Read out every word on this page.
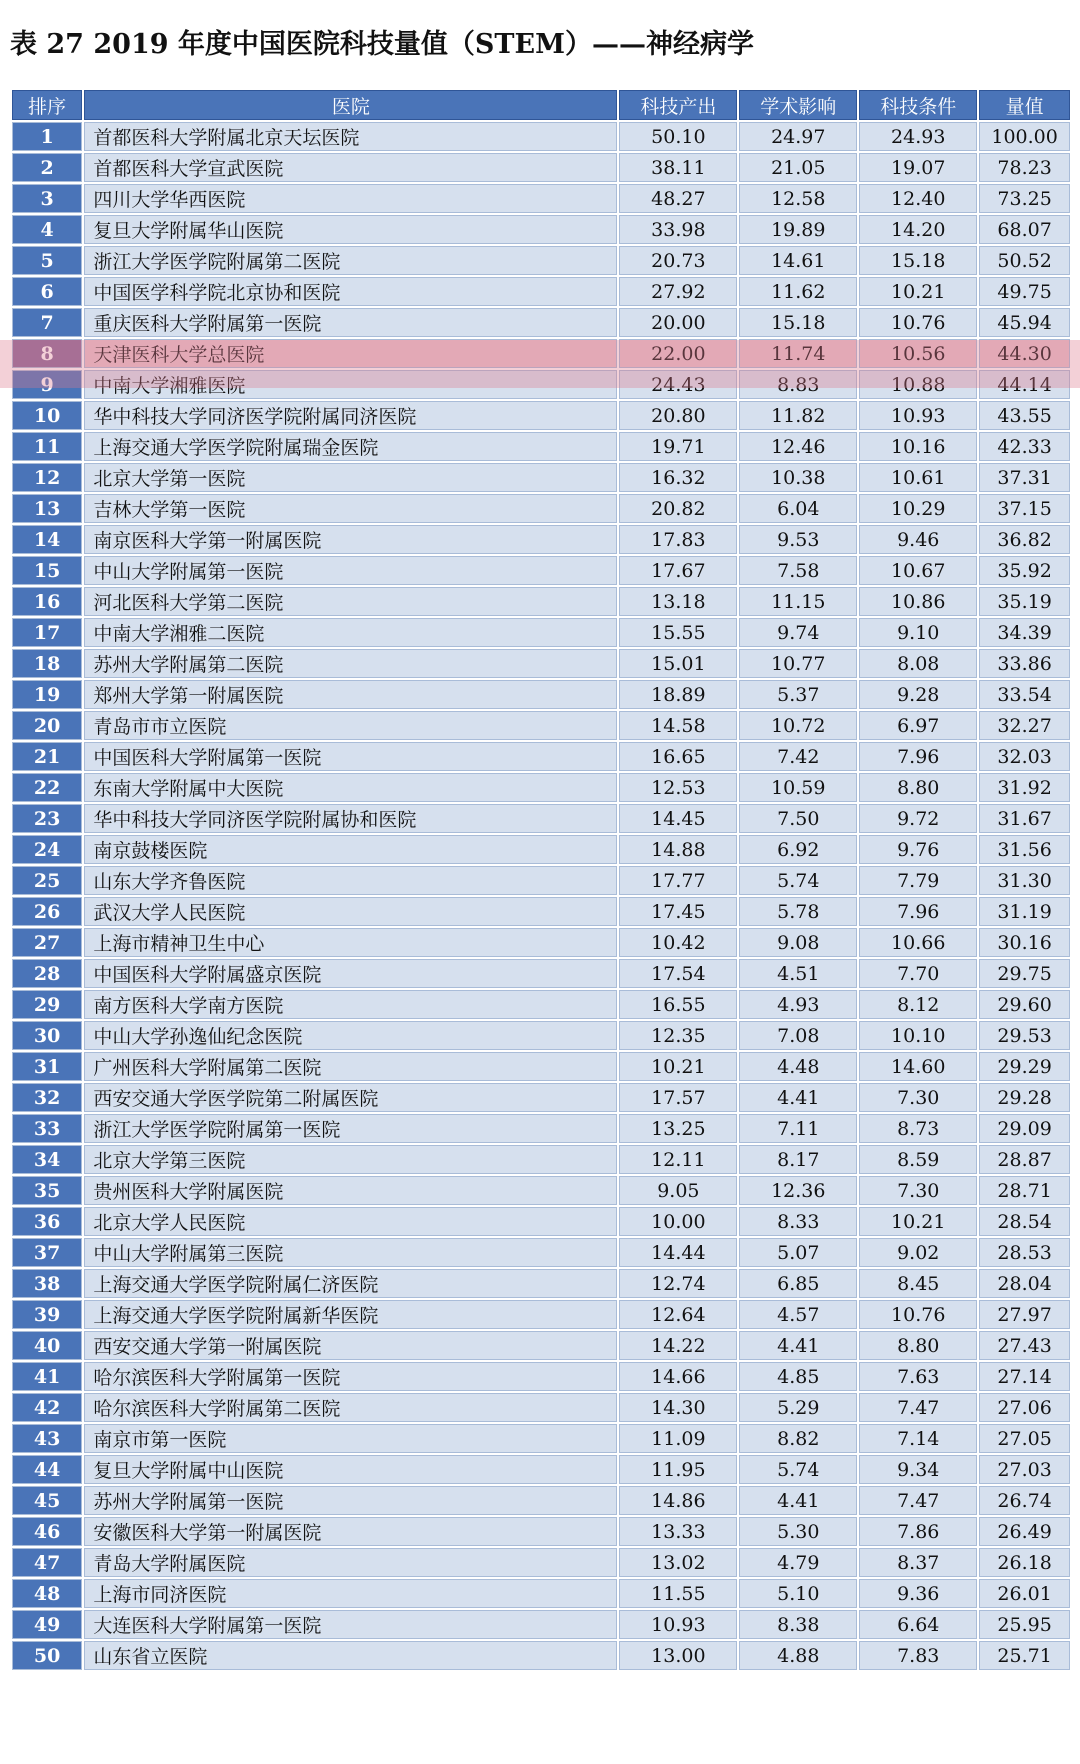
表 27 2019 年度中国医院科技量值（STEM）——神经病学
排序	医院	科技产出	学术影响	科技条件	量值
1	首都医科大学附属北京天坛医院	50.10	24.97	24.93	100.00
2	首都医科大学宣武医院	38.11	21.05	19.07	78.23
3	四川大学华西医院	48.27	12.58	12.40	73.25
4	复旦大学附属华山医院	33.98	19.89	14.20	68.07
5	浙江大学医学院附属第二医院	20.73	14.61	15.18	50.52
6	中国医学科学院北京协和医院	27.92	11.62	10.21	49.75
7	重庆医科大学附属第一医院	20.00	15.18	10.76	45.94
8	天津医科大学总医院	22.00	11.74	10.56	44.30
9	中南大学湘雅医院	24.43	8.83	10.88	44.14
10	华中科技大学同济医学院附属同济医院	20.80	11.82	10.93	43.55
11	上海交通大学医学院附属瑞金医院	19.71	12.46	10.16	42.33
12	北京大学第一医院	16.32	10.38	10.61	37.31
13	吉林大学第一医院	20.82	6.04	10.29	37.15
14	南京医科大学第一附属医院	17.83	9.53	9.46	36.82
15	中山大学附属第一医院	17.67	7.58	10.67	35.92
16	河北医科大学第二医院	13.18	11.15	10.86	35.19
17	中南大学湘雅二医院	15.55	9.74	9.10	34.39
18	苏州大学附属第二医院	15.01	10.77	8.08	33.86
19	郑州大学第一附属医院	18.89	5.37	9.28	33.54
20	青岛市市立医院	14.58	10.72	6.97	32.27
21	中国医科大学附属第一医院	16.65	7.42	7.96	32.03
22	东南大学附属中大医院	12.53	10.59	8.80	31.92
23	华中科技大学同济医学院附属协和医院	14.45	7.50	9.72	31.67
24	南京鼓楼医院	14.88	6.92	9.76	31.56
25	山东大学齐鲁医院	17.77	5.74	7.79	31.30
26	武汉大学人民医院	17.45	5.78	7.96	31.19
27	上海市精神卫生中心	10.42	9.08	10.66	30.16
28	中国医科大学附属盛京医院	17.54	4.51	7.70	29.75
29	南方医科大学南方医院	16.55	4.93	8.12	29.60
30	中山大学孙逸仙纪念医院	12.35	7.08	10.10	29.53
31	广州医科大学附属第二医院	10.21	4.48	14.60	29.29
32	西安交通大学医学院第二附属医院	17.57	4.41	7.30	29.28
33	浙江大学医学院附属第一医院	13.25	7.11	8.73	29.09
34	北京大学第三医院	12.11	8.17	8.59	28.87
35	贵州医科大学附属医院	9.05	12.36	7.30	28.71
36	北京大学人民医院	10.00	8.33	10.21	28.54
37	中山大学附属第三医院	14.44	5.07	9.02	28.53
38	上海交通大学医学院附属仁济医院	12.74	6.85	8.45	28.04
39	上海交通大学医学院附属新华医院	12.64	4.57	10.76	27.97
40	西安交通大学第一附属医院	14.22	4.41	8.80	27.43
41	哈尔滨医科大学附属第一医院	14.66	4.85	7.63	27.14
42	哈尔滨医科大学附属第二医院	14.30	5.29	7.47	27.06
43	南京市第一医院	11.09	8.82	7.14	27.05
44	复旦大学附属中山医院	11.95	5.74	9.34	27.03
45	苏州大学附属第一医院	14.86	4.41	7.47	26.74
46	安徽医科大学第一附属医院	13.33	5.30	7.86	26.49
47	青岛大学附属医院	13.02	4.79	8.37	26.18
48	上海市同济医院	11.55	5.10	9.36	26.01
49	大连医科大学附属第一医院	10.93	8.38	6.64	25.95
50	山东省立医院	13.00	4.88	7.83	25.71
